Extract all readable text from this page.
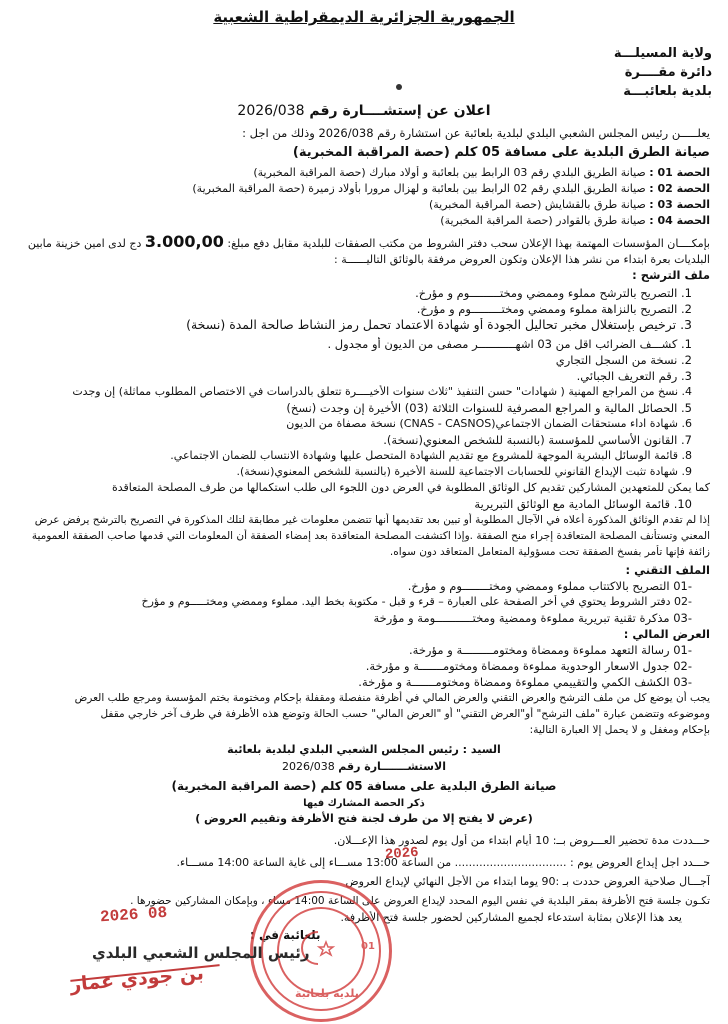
الجمهورية الجزائرية الديمقراطية الشعبية
ولاية المسيلـــة
دائرة مقــــرة
بلدية بلعائبـــة
اعلان عن إستشــــارة رقم 2026/038
يعلـــــن رئيس المجلس الشعبي البلدي لبلدية بلعائبة عن استشارة رقم 2026/038 وذلك من اجل :
صيانة الطرق البلدية على مسافة 05 كلم (حصة المراقبة المخبرية)
الحصة 01 : صيانة الطريق البلدي رقم 03 الرابط بين بلعائبة و أولاد مبارك (حصة المراقبة المخبرية)
الحصة 02 : صيانة الطريق البلدي رقم 02 الرابط بين بلعائبة و لهزال مرورا بأولاد زميرة (حصة المراقبة المخبرية)
الحصة 03 : صيانة طرق بالقشايش (حصة المراقبة المخبرية)
الحصة 04 : صيانة طرق بالقوادر (حصة المراقبة المخبرية)
بإمكــــان المؤسسات المهتمة بهذا الإعلان سحب دفتر الشروط من مكتب الصفقات للبلدية مقابل دفع مبلغ: 3.000,00 دج لدى امين خزينة مابين
البلديات بعرة ابتداء من نشر هذا الإعلان وتكون العروض مرفقة بالوثائق التاليــــــة :
ملف الترشح :
1. التصريح بالترشح مملوء وممضي ومختـــــــــوم و مؤرخ.
2. التصريح بالنزاهة مملوء وممضي ومختـــــــــوم و مؤرخ.
3. ترخيص بإستغلال مخبر تحاليل الجودة أو شهادة الاعتماد تحمل رمز النشاط صالحة المدة (نسخة)
1. كشـــف الضرائب اقل من 03 اشهـــــــــــر مصفى من الديون أو مجدول .
2. نسخة من السجل التجاري
3. رقم التعريف الجبائي.
4. نسخ من المراجع المهنية ( شهادات" حسن التنفيذ "ثلاث سنوات الأخيــــرة تتعلق بالدراسات في الاختصاص المطلوب مماثلة) إن وجدت
5. الحصائل المالية و المراجع المصرفية للسنوات الثلاثة (03) الأخيرة إن وجدت (نسخ)
6. شهادة اداء مستحقات الضمان الاجتماعي(CNAS - CASNOS) نسخة مصفاة من الديون
7. القانون الأساسي للمؤسسة (بالنسبة للشخص المعنوي(نسخة).
8. قائمة الوسائل البشرية الموجهة للمشروع مع تقديم الشهادة المتحصل عليها وشهادة الانتساب للضمان الاجتماعي.
9. شهادة تثبت الإيداع القانوني للحسابات الاجتماعية للسنة الأخيرة (بالنسبة للشخص المعنوي(نسخة).
كما يمكن للمتعهدين المشاركين تقديم كل الوثائق المطلوبة في العرض دون اللجوء الى طلب استكمالها من طرف المصلحة المتعاقدة
10. قائمة الوسائل المادية مع الوثائق التبريرية
إذا لم تقدم الوثائق المذكورة أعلاه في الآجال المطلوبة أو تبين بعد تقديمها أنها تتضمن معلومات غير مطابقة لتلك المذكورة في التصريح بالترشح يرفض عرض
المعني وتستأنف المصلحة المتعاقدة إجراء منح الصفقة .وإذا اكتشفت المصلحة المتعاقدة بعد إمضاء الصفقة أن المعلومات التي قدمها صاحب الصفقة العمومية
زائفة فإنها تأمر بفسخ الصفقة تحت مسؤولية المتعامل المتعاقد دون سواه.
الملف التقني :
-01 التصريح بالاكتتاب مملوء وممضي ومختــــــــوم و مؤرخ.
-02 دفتر الشروط يحتوي في أخر الصفحة على العبارة – قرء و قبل - مكتوبة بخط اليد. مملوء وممضي ومختـــــوم و مؤرخ
-03 مذكرة تقنية تبريرية مملوءة وممضية ومختـــــــــــومة و مؤرخة
العرض المالي :
-01 رسالة التعهد مملوءة وممضاة ومختومـــــــــة و مؤرخة.
-02 جدول الاسعار الوحدوية مملوءة وممضاة ومختومـــــــة و مؤرخة.
-03 الكشف الكمي والتقييمي مملوءة وممضاة ومختومـــــــة و مؤرخة.
يجب أن يوضع كل من ملف الترشح والعرض التقني والعرض المالي في أظرفة منفصلة ومقفلة بإحكام ومختومة بختم المؤسسة ومرجع طلب العرض
وموضوعه وتتضمن عبارة "ملف الترشح" أو"العرض التقني" أو "العرض المالي" حسب الحالة وتوضع هذه الأظرفة في ظرف آخر خارجي مقفل
بإحكام ومغفل و لا يحمل إلا العبارة التالية:
السيد : رئيس المجلس الشعبي البلدي لبلدية بلعائبة
الاستشـــــــارة رقم 2026/038
صيانة الطرق البلدية على مسافة 05 كلم (حصة المراقبة المخبرية)
ذكر الحصة المشارك فيها
(عرض لا يفتح إلا من طرف لجنة فتح الأظرفة وتقييم العروض )
حـــددت مدة تحضير العـــروض بــ: 10 أيام ابتداء من أول يوم لصدور هذا الإعـــلان.
حـــدد اجل إيداع العروض يوم : ................................ من الساعة 13:00 مســـاء إلى غاية الساعة 14:00 مســـاء.
آجـــال صلاحية العروض حددت بـ :90 يوما ابتداء من الأجل النهائي لإيداع العروض
تكـون جلسة فتح الأظرفة بمقر البلدية في نفس اليوم المحدد لإيداع العروض على الساعة 14:00 مساء ، وبإمكان المشاركين حضورها .
يعد هذا الإعلان بمثابة استدعاء لجميع المشاركين لحضور جلسة فتح الأظرفة.
2026
2026 08
بلعائبة في :
بلدية بلعائبة
01
رئيس المجلس الشعبي البلدي
بن جودي عمار
